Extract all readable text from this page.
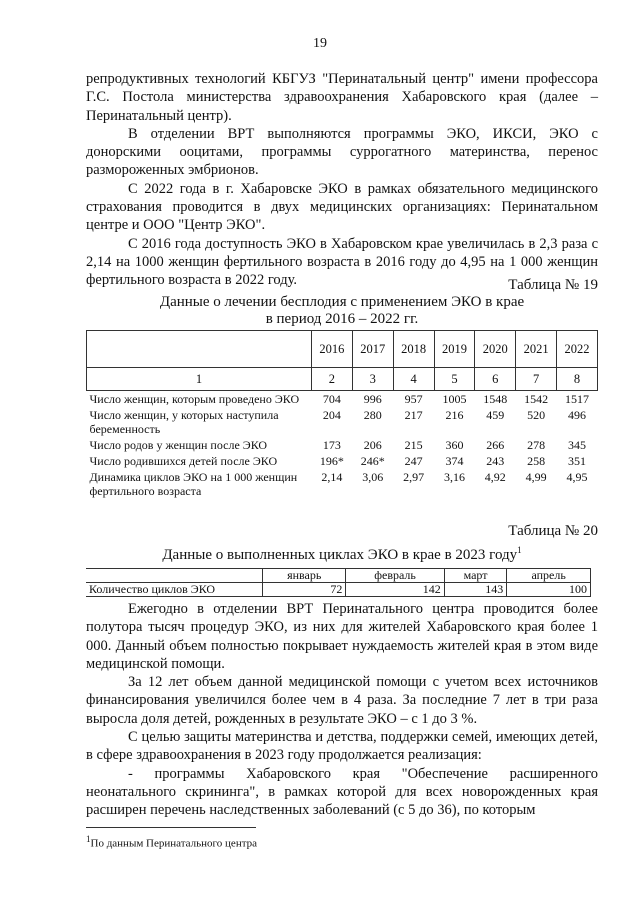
19

репродуктивных технологий КБГУЗ "Перинатальный центр" имени профессора Г.С. Постола министерства здравоохранения Хабаровского края (далее – Перинатальный центр).

В отделении ВРТ выполняются программы ЭКО, ИКСИ, ЭКО с донорскими ооцитами, программы суррогатного материнства, перенос размороженных эмбрионов.

С 2022 года в г. Хабаровске ЭКО в рамках обязательного медицинского страхования проводится в двух медицинских организациях: Перинатальном центре и ООО "Центр ЭКО".

С 2016 года доступность ЭКО в Хабаровском крае увеличилась в 2,3 раза с 2,14 на 1000 женщин фертильного возраста в 2016 году до 4,95 на 1 000 женщин фертильного возраста в 2022 году.	Таблица № 19
Данные о лечении бесплодия с применением ЭКО в крае
в период 2016 – 2022 гг.
	2016	2017	2018	2019	2020	2021	2022
1	2	3	4	5	6	7	8
Число женщин, которым проведено ЭКО	704	996	957	1005	1548	1542	1517
Число женщин, у которых наступила беременность	204	280	217	216	459	520	496
Число родов у женщин после ЭКО	173	206	215	360	266	278	345
Число родившихся детей после ЭКО	196*	246*	247	374	243	258	351
Динамика циклов ЭКО на 1 000 женщин фертильного возраста	2,14	3,06	2,97	3,16	4,92	4,99	4,95
Таблица № 20
Данные о выполненных циклах ЭКО в крае в 2023 году$^1$
	январь	февраль	март	апрель
Количество циклов ЭКО	72	142	143	100

Ежегодно в отделении ВРТ Перинатального центра проводится более полутора тысяч процедур ЭКО, из них для жителей Хабаровского края более 1 000. Данный объем полностью покрывает нуждаемость жителей края в этом виде медицинской помощи.

За 12 лет объем данной медицинской помощи с учетом всех источников финансирования увеличился более чем в 4 раза. За последние 7 лет в три раза выросла доля детей, рожденных в результате ЭКО – с 1 до 3 %.

С целью защиты материнства и детства, поддержки семей, имеющих детей, в сфере здравоохранения в 2023 году продолжается реализация:

- программы Хабаровского края "Обеспечение расширенного неонатального скрининга", в рамках которой для всех новорожденных края расширен перечень наследственных заболеваний (с 5 до 36), по которым

$^1$По данным Перинатального центра
